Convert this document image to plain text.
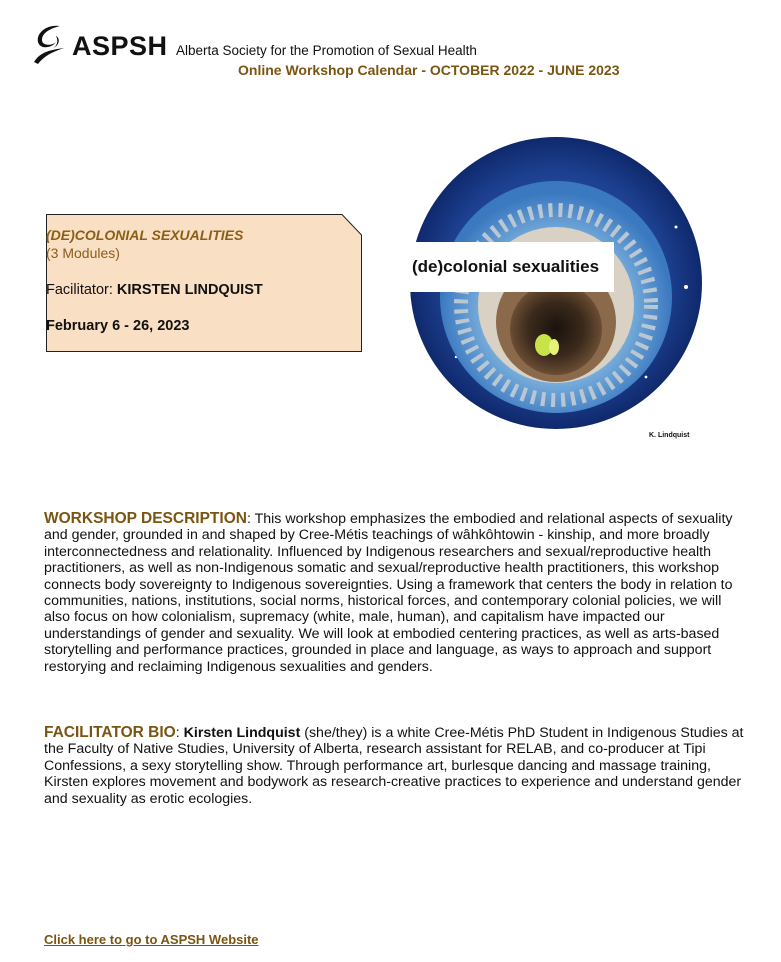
ASPSH Alberta Society for the Promotion of Sexual Health
Online Workshop Calendar - OCTOBER 2022 - JUNE 2023
(DE)COLONIAL SEXUALITIES
(3 Modules)
Facilitator: KIRSTEN LINDQUIST
February 6 - 26, 2023
(de)colonial sexualities
K. Lindquist
WORKSHOP DESCRIPTION: This workshop emphasizes the embodied and relational aspects of sexuality and gender, grounded in and shaped by Cree-Métis teachings of wâhkôhtowin - kinship, and more broadly interconnectedness and relationality. Influenced by Indigenous researchers and sexual/reproductive health practitioners, as well as non-Indigenous somatic and sexual/reproductive health practitioners, this workshop connects body sovereignty to Indigenous sovereignties. Using a framework that centers the body in relation to communities, nations, institutions, social norms, historical forces, and contemporary colonial policies, we will also focus on how colonialism, supremacy (white, male, human), and capitalism have impacted our understandings of gender and sexuality. We will look at embodied centering practices, as well as arts-based storytelling and performance practices, grounded in place and language, as ways to approach and support restorying and reclaiming Indigenous sexualities and genders.
FACILITATOR BIO: Kirsten Lindquist (she/they) is a white Cree-Métis PhD Student in Indigenous Studies at the Faculty of Native Studies, University of Alberta, research assistant for RELAB, and co-producer at Tipi Confessions, a sexy storytelling show. Through performance art, burlesque dancing and massage training, Kirsten explores movement and bodywork as research-creative practices to experience and understand gender and sexuality as erotic ecologies.
Click here to go to ASPSH Website
